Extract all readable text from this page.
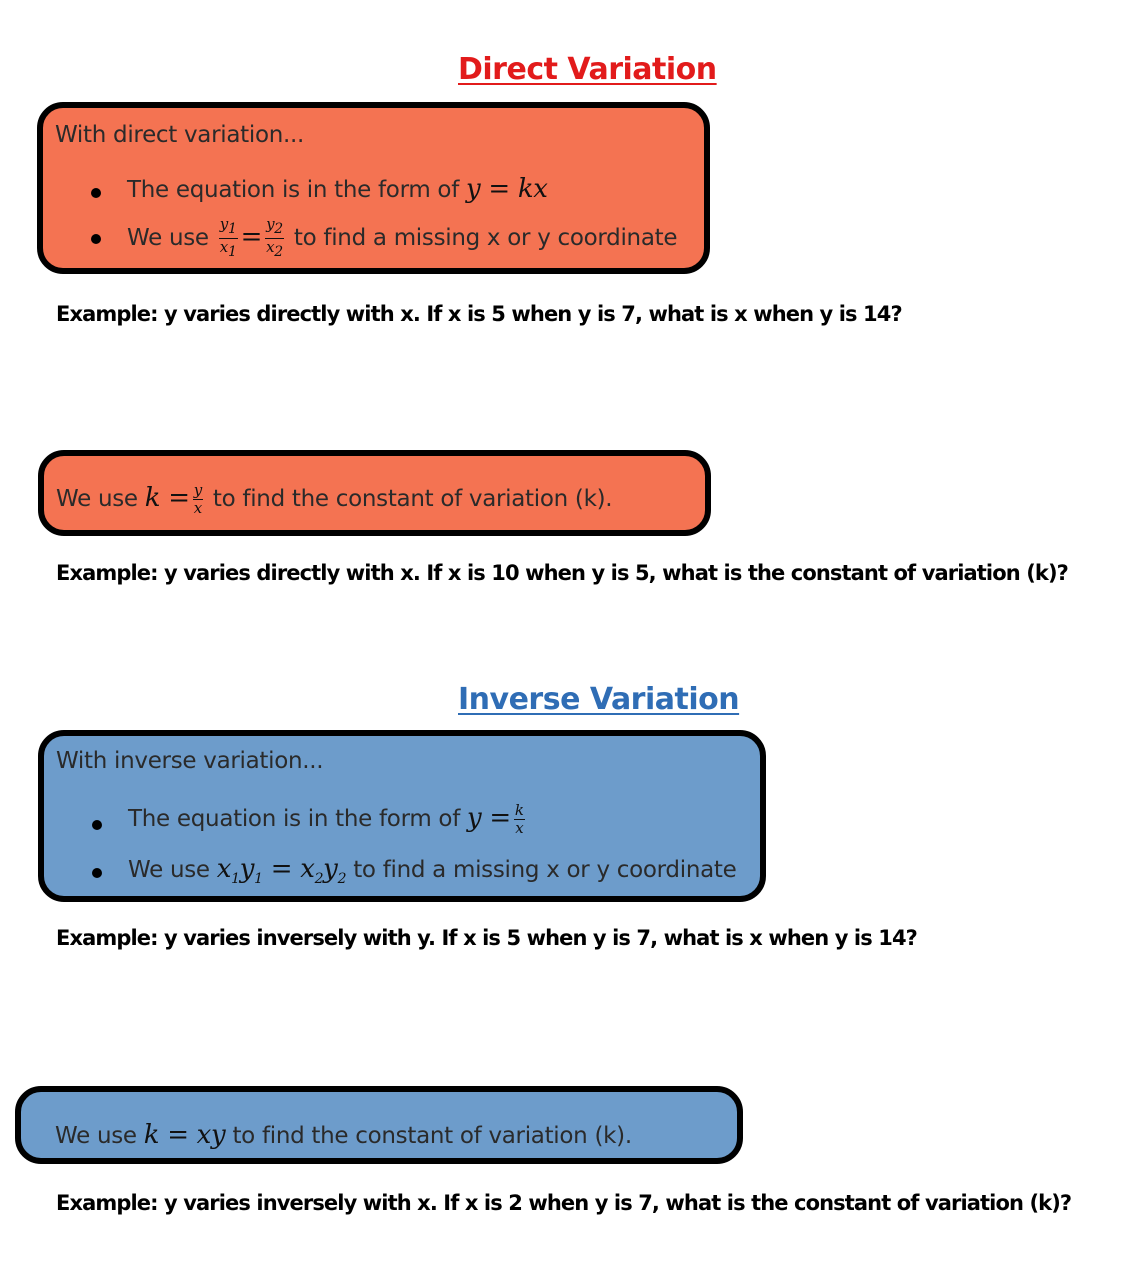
Direct Variation
With direct variation...
The equation is in the form of y = kx
We use $\frac{y_1}{x_1} = \frac{y_2}{x_2}$ to find a missing x or y coordinate
Example: y varies directly with x. If x is 5 when y is 7, what is x when y is 14?
We use $k = \frac{y}{x}$ to find the constant of variation (k).
Example: y varies directly with x. If x is 10 when y is 5, what is the constant of variation (k)?
Inverse Variation
With inverse variation...
The equation is in the form of $y = \frac{k}{x}$
We use $x_1y_1 = x_2y_2$ to find a missing x or y coordinate
Example: y varies inversely with y. If x is 5 when y is 7, what is x when y is 14?
We use k = xy to find the constant of variation (k).
Example: y varies inversely with x. If x is 2 when y is 7, what is the constant of variation (k)?
